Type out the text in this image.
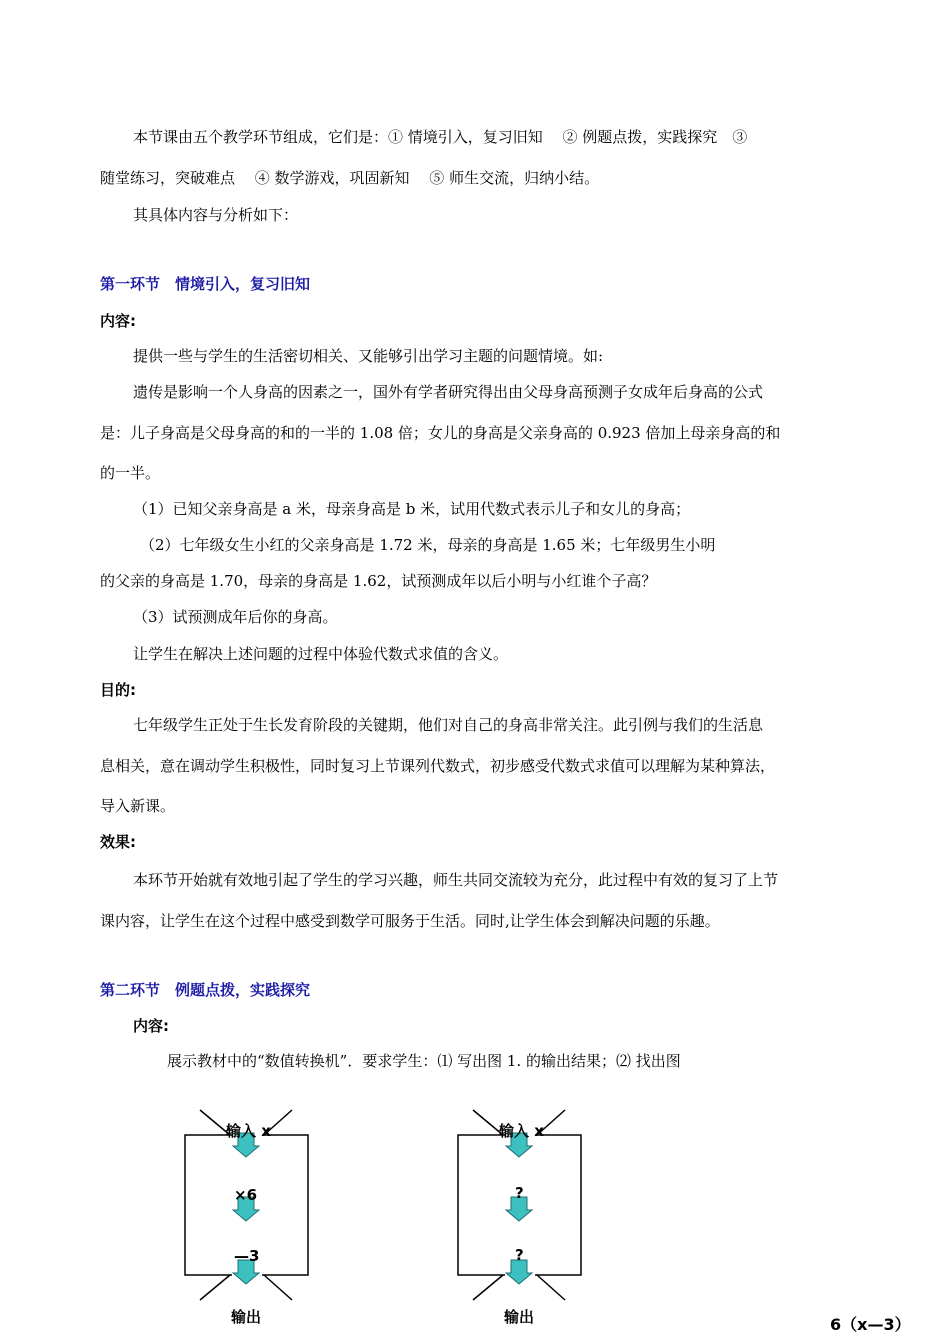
本节课由五个教学环节组成，它们是：① 情境引入，复习旧知　 ② 例题点拨，实践探究　③
随堂练习，突破难点　 ④ 数学游戏，巩固新知　 ⑤ 师生交流，归纳小结。
其具体内容与分析如下：
第一环节　情境引入，复习旧知
内容:
提供一些与学生的生活密切相关、又能够引出学习主题的问题情境。如:
遗传是影响一个人身高的因素之一，国外有学者研究得出由父母身高预测子女成年后身高的公式
是：儿子身高是父母身高的和的一半的 1.08 倍；女儿的身高是父亲身高的 0.923 倍加上母亲身高的和
的一半。
（1）已知父亲身高是 a 米，母亲身高是 b 米，试用代数式表示儿子和女儿的身高；
（2）七年级女生小红的父亲身高是 1.72 米，母亲的身高是 1.65 米；七年级男生小明
的父亲的身高是 1.70，母亲的身高是 1.62，试预测成年以后小明与小红谁个子高？
（3）试预测成年后你的身高。
让学生在解决上述问题的过程中体验代数式求值的含义。
目的:
七年级学生正处于生长发育阶段的关键期，他们对自己的身高非常关注。此引例与我们的生活息
息相关，意在调动学生积极性，同时复习上节课列代数式，初步感受代数式求值可以理解为某种算法，
导入新课。
效果:
本环节开始就有效地引起了学生的学习兴趣，师生共同交流较为充分，此过程中有效的复习了上节
课内容，让学生在这个过程中感受到数学可服务于生活。同时,让学生体会到解决问题的乐趣。
第二环节　例题点拨，实践探究
内容:
展示教材中的“数值转换机”．要求学生：⑴ 写出图 1. 的输出结果；⑵ 找出图
输入 x
×6
—3
输出
输入 x
?
?
输出	6（x—3）
